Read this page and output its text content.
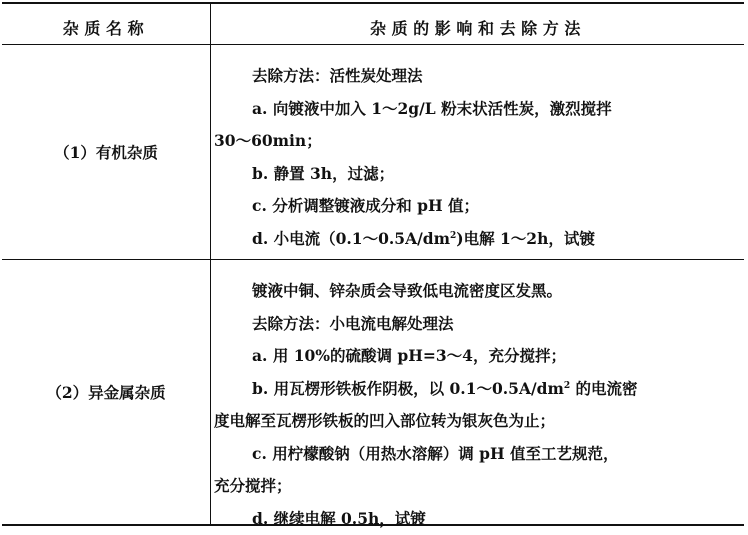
杂质名称	杂质的影响和去除方法
（1）有机杂质
去除方法：活性炭处理法
a. 向镀液中加入 1～2g/L 粉末状活性炭，激烈搅拌
30～60min；
b. 静置 3h，过滤；
c. 分析调整镀液成分和 pH 值；
d. 小电流$(0.1\sim 0.5A/dm^2)$电解 1～2h，试镀
（2）异金属杂质
镀液中铜、锌杂质会导致低电流密度区发黑。
去除方法：小电流电解处理法
a. 用 10%的硫酸调 pH=3～4，充分搅拌；
b. 用瓦楞形铁板作阴极，以 $0.1\sim 0.5A/dm^2$ 的电流密
度电解至瓦楞形铁板的凹入部位转为银灰色为止；
c. 用柠檬酸钠（用热水溶解）调 pH 值至工艺规范，
充分搅拌；
d. 继续电解 0.5h，试镀
